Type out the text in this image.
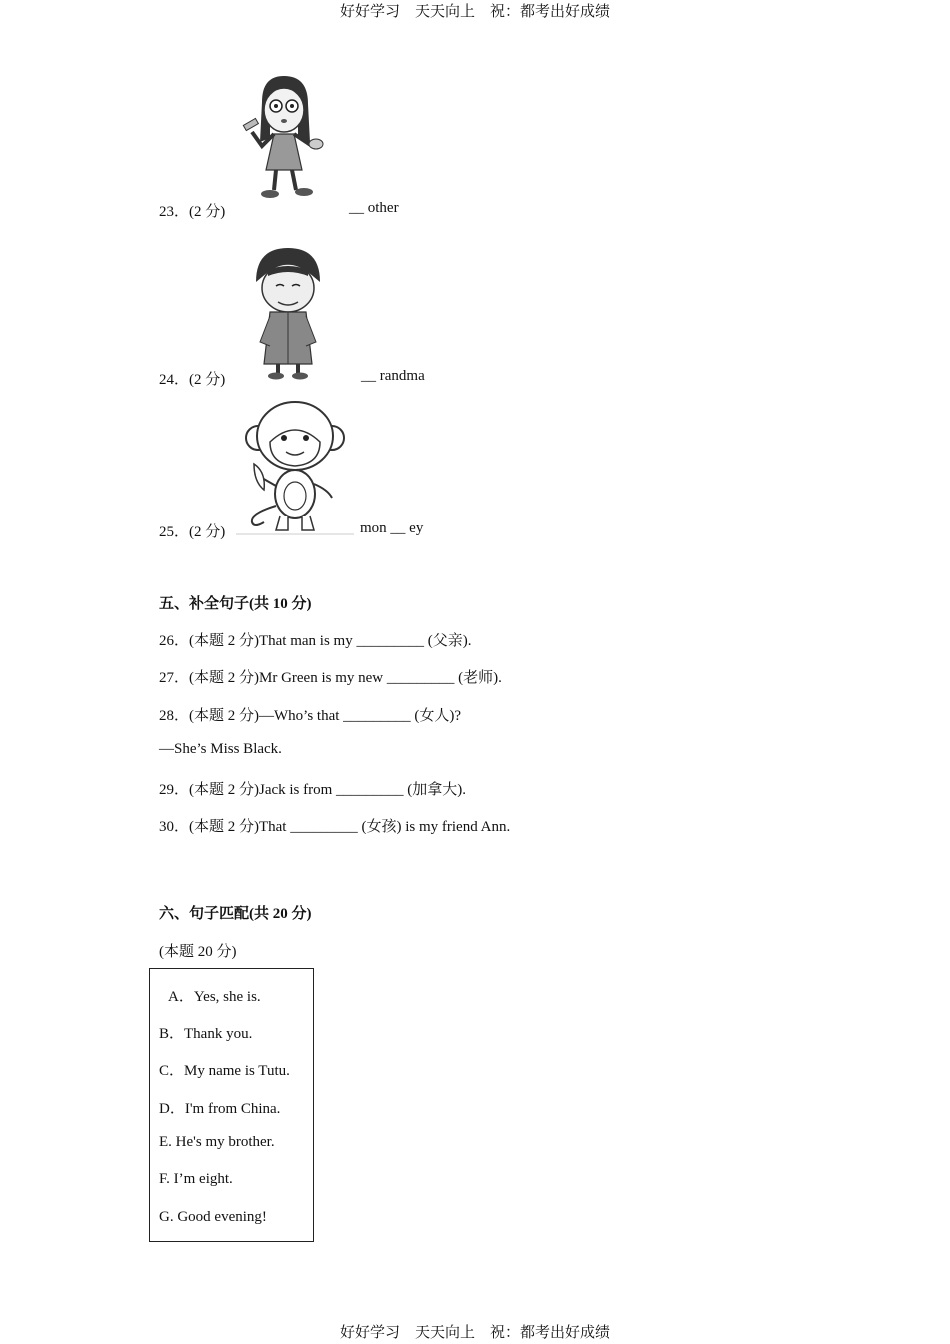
好好学习　天天向上　祝：都考出好成绩
23．(2 分)	__ other
24．(2 分)	__ randma
25．(2 分)	mon __ ey
五、补全句子(共 10 分)
26．(本题 2 分)That man is my _________ (父亲).
27．(本题 2 分)Mr Green is my new _________ (老师).
28．(本题 2 分)—Who’s that _________ (女人)?
—She’s Miss Black.
29．(本题 2 分)Jack is from _________ (加拿大).
30．(本题 2 分)That _________ (女孩) is my friend Ann.
六、句子匹配(共 20 分)
(本题 20 分)
A．Yes, she is.
B．Thank you.
C．My name is Tutu.
D．I'm from China.
E. He's my brother.
F. I’m eight.
G. Good evening!
好好学习　天天向上　祝：都考出好成绩
